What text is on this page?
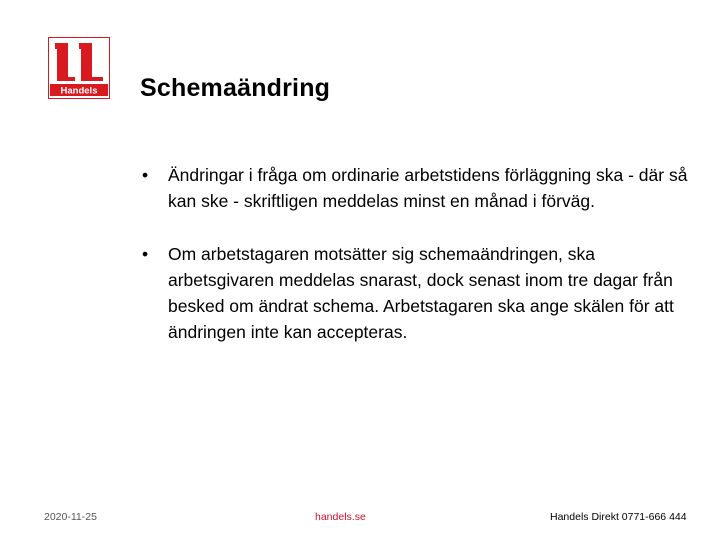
Handels Schemaändring
• Ändringar i fråga om ordinarie arbetstidens förläggning ska - där så kan ske - skriftligen meddelas minst en månad i förväg.
• Om arbetstagaren motsätter sig schemaändringen, ska arbetsgivaren meddelas snarast, dock senast inom tre dagar från besked om ändrat schema. Arbetstagaren ska ange skälen för att ändringen inte kan accepteras.
2020-11-25	handels.se	Handels Direkt 0771-666 444
